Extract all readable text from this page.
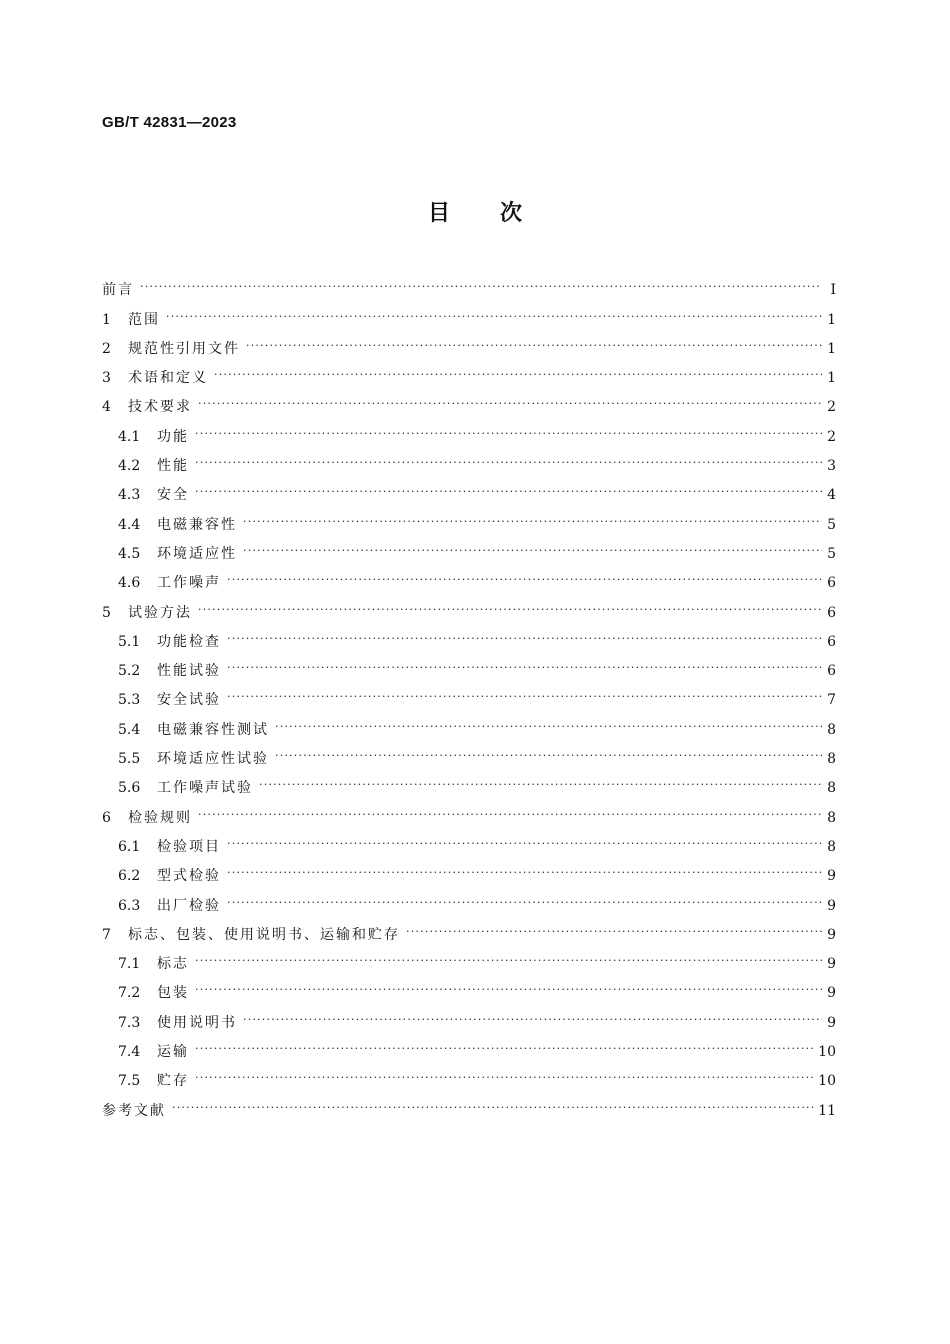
GB/T 42831—2023
目次
前言 ·····	Ⅰ
1	范围 ·····	1
2	规范性引用文件 ·····	1
3	术语和定义 ·····	1
4	技术要求 ·····	2
4.1	功能 ·····	2
4.2	性能 ·····	3
4.3	安全 ·····	4
4.4	电磁兼容性 ·····	5
4.5	环境适应性 ·····	5
4.6	工作噪声 ·····	6
5	试验方法 ·····	6
5.1	功能检查 ·····	6
5.2	性能试验 ·····	6
5.3	安全试验 ·····	7
5.4	电磁兼容性测试 ·····	8
5.5	环境适应性试验 ·····	8
5.6	工作噪声试验 ·····	8
6	检验规则 ·····	8
6.1	检验项目 ·····	8
6.2	型式检验 ·····	9
6.3	出厂检验 ·····	9
7	标志、包装、使用说明书、运输和贮存 ·····	9
7.1	标志 ·····	9
7.2	包装 ·····	9
7.3	使用说明书 ·····	9
7.4	运输 ·····	10
7.5	贮存 ·····	10
参考文献 ·····	11
